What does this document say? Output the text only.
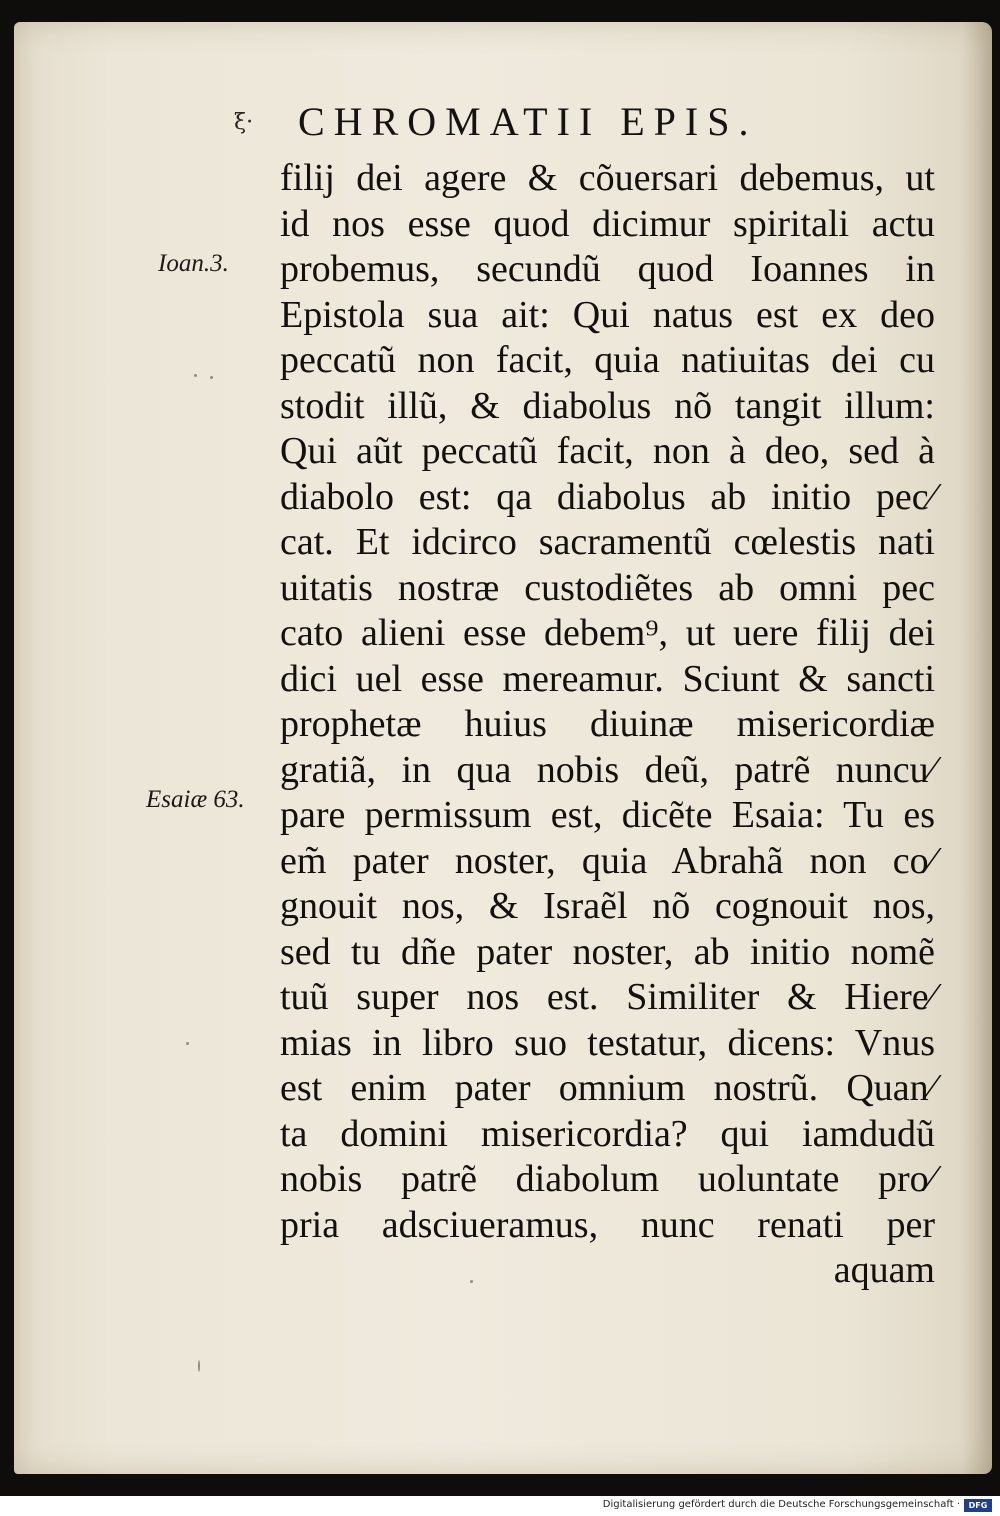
ξ· CHROMATII EPIS.
Ioan.3.
Esaiæ 63.
filij dei agere & cõuersari debemus, ut
id nos esse quod dicimur spiritali actu
probemus, secundũ quod Ioannes in
Epistola sua ait: Qui natus est ex deo
peccatũ non facit, quia natiuitas dei cu
stodit illũ, & diabolus nõ tangit illum:
Qui aũt peccatũ facit, non à deo, sed à
diabolo est: qa diabolus ab initio pec⁄
cat. Et idcirco sacramentũ cœlestis nati
uitatis nostræ custodiẽtes ab omni pec
cato alieni esse debem⁹, ut uere filij dei
dici uel esse mereamur. Sciunt & sancti
prophetæ huius diuinæ misericordiæ
gratiã, in qua nobis deũ, patrẽ nuncu⁄
pare permissum est, dicẽte Esaia: Tu es
em̃ pater noster, quia Abrahã non co⁄
gnouit nos, & Israẽl nõ cognouit nos,
sed tu dñe pater noster, ab initio nomẽ
tuũ super nos est. Similiter & Hiere⁄
mias in libro suo testatur, dicens: Vnus
est enim pater omnium nostrũ. Quan⁄
ta domini misericordia? qui iamdudũ
nobis patrẽ diabolum uoluntate pro⁄
pria adsciueramus, nunc renati per
aquam
Digitalisierung gefördert durch die Deutsche Forschungsgemeinschaft ·	DFG
